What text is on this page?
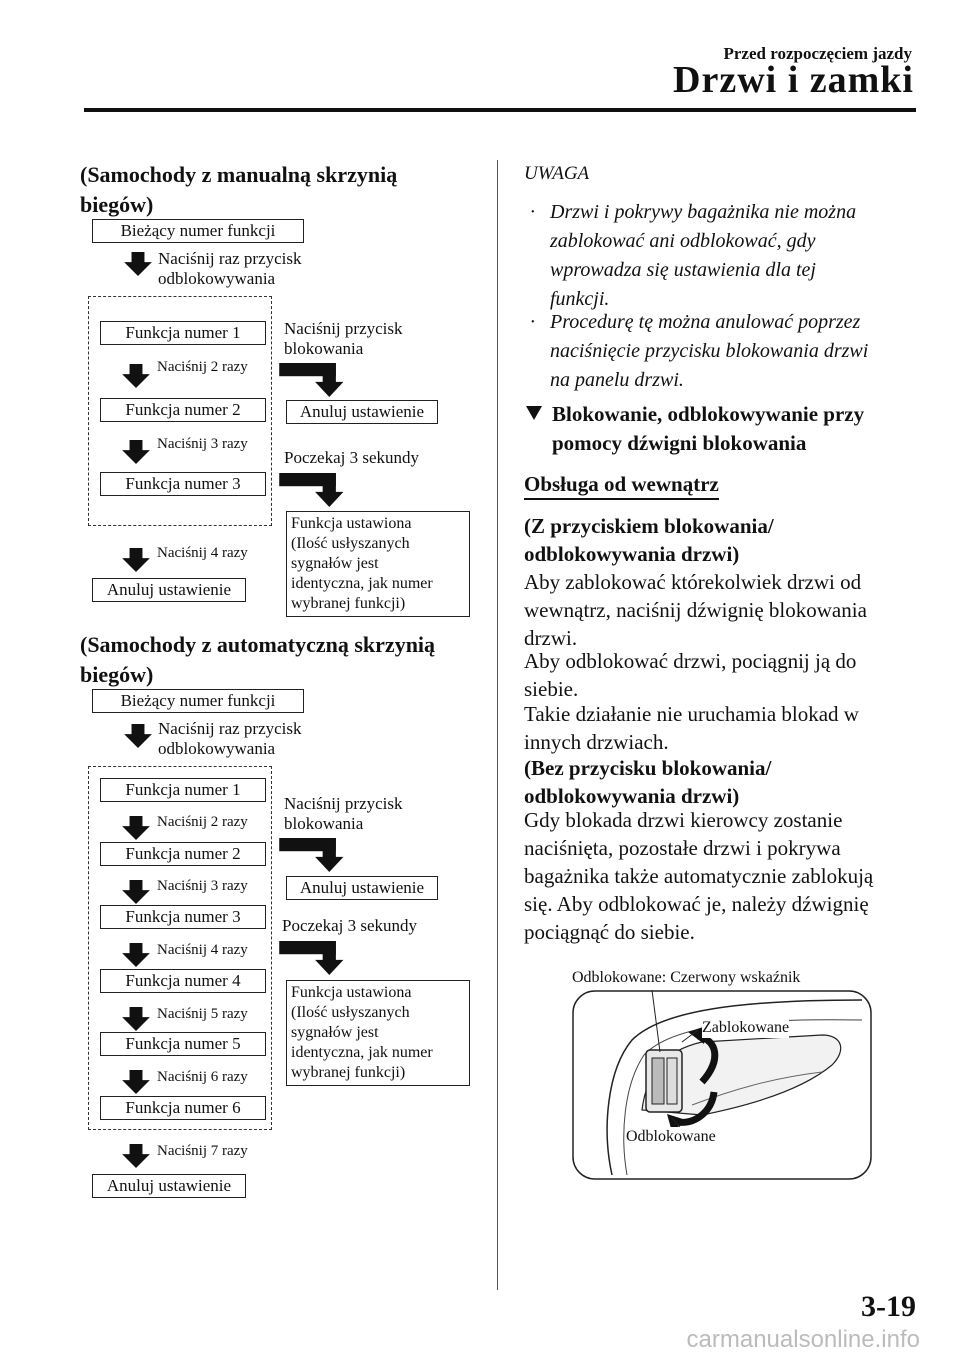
Przed rozpoczęciem jazdy
Drzwi i zamki
(Samochody z manualną skrzynią
biegów)
Bieżący numer funkcji
Naciśnij raz przycisk
odblokowywania
Funkcja numer 1
Naciśnij 2 razy
Funkcja numer 2
Naciśnij 3 razy
Funkcja numer 3
Naciśnij 4 razy
Anuluj ustawienie
Naciśnij przycisk
blokowania
Anuluj ustawienie
Poczekaj 3 sekundy
Funkcja ustawiona
(Ilość usłyszanych
sygnałów jest
identyczna, jak numer
wybranej funkcji)
(Samochody z automatyczną skrzynią
biegów)
Bieżący numer funkcji
Naciśnij raz przycisk
odblokowywania
Funkcja numer 1
Naciśnij 2 razy
Funkcja numer 2
Naciśnij 3 razy
Funkcja numer 3
Naciśnij 4 razy
Funkcja numer 4
Naciśnij 5 razy
Funkcja numer 5
Naciśnij 6 razy
Funkcja numer 6
Naciśnij 7 razy
Anuluj ustawienie
Naciśnij przycisk
blokowania
Anuluj ustawienie
Poczekaj 3 sekundy
Funkcja ustawiona
(Ilość usłyszanych
sygnałów jest
identyczna, jak numer
wybranej funkcji)
UWAGA
· Drzwi i pokrywy bagażnika nie można
zablokować ani odblokować, gdy
wprowadza się ustawienia dla tej
funkcji.
· Procedurę tę można anulować poprzez
naciśnięcie przycisku blokowania drzwi
na panelu drzwi.
Blokowanie, odblokowywanie przy
pomocy dźwigni blokowania
Obsługa od wewnątrz
(Z przyciskiem blokowania/
odblokowywania drzwi)
Aby zablokować którekolwiek drzwi od
wewnątrz, naciśnij dźwignię blokowania
drzwi.
Aby odblokować drzwi, pociągnij ją do
siebie.
Takie działanie nie uruchamia blokad w
innych drzwiach.
(Bez przycisku blokowania/
odblokowywania drzwi)
Gdy blokada drzwi kierowcy zostanie
naciśnięta, pozostałe drzwi i pokrywa
bagażnika także automatycznie zablokują
się. Aby odblokować je, należy dźwignię
pociągnąć do siebie.
Odblokowane: Czerwony wskaźnik
Zablokowane
Odblokowane
3-19
carmanualsonline.info
